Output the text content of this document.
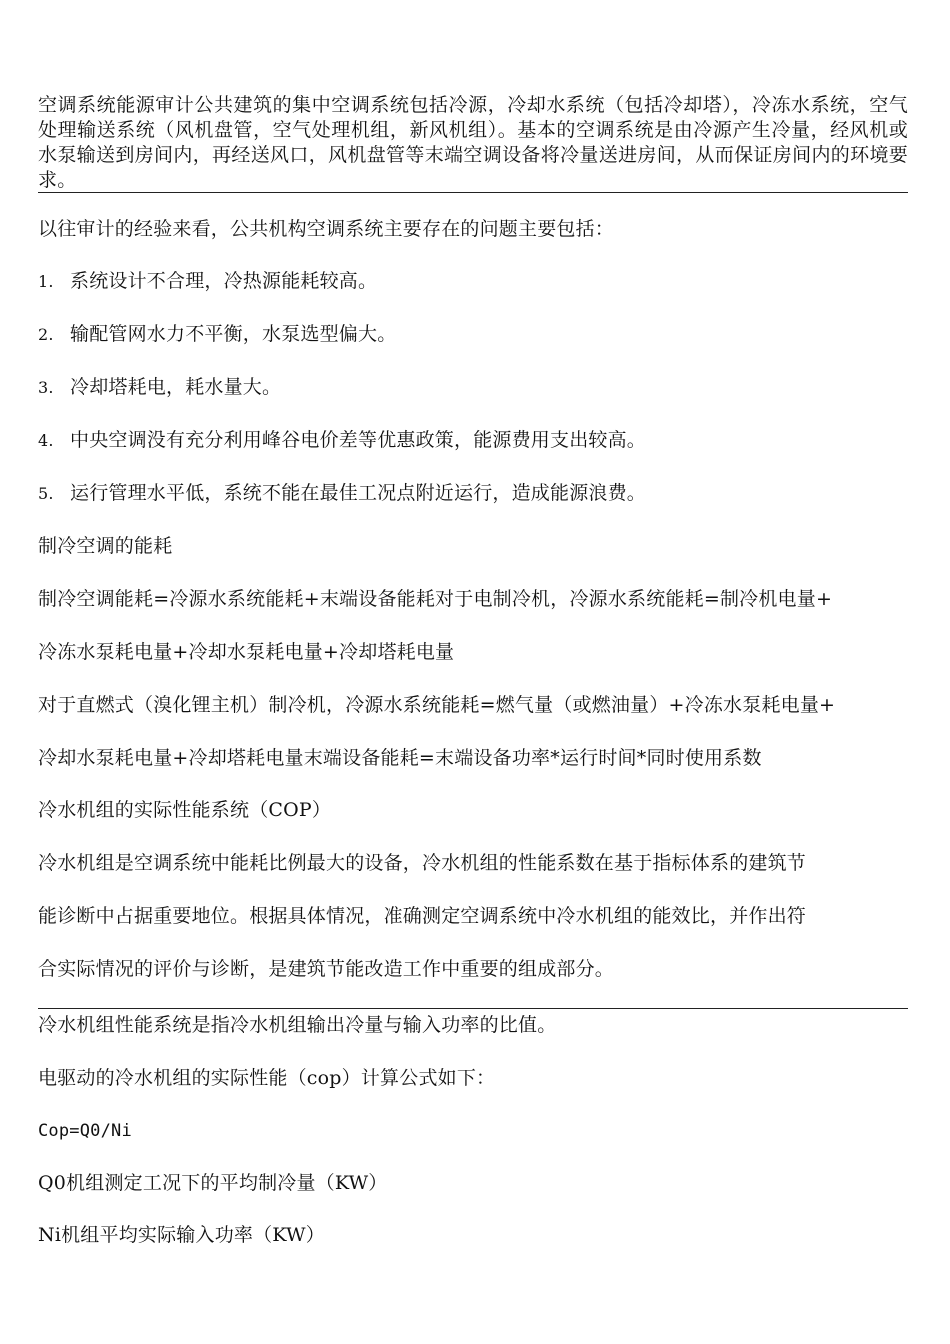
空调系统能源审计公共建筑的集中空调系统包括冷源，冷却水系统（包括冷却塔），冷冻水系统，空气处理输送系统（风机盘管，空气处理机组，新风机组）。基本的空调系统是由冷源产生冷量，经风机或水泵输送到房间内，再经送风口，风机盘管等末端空调设备将冷量送进房间，从而保证房间内的环境要求。
以往审计的经验来看，公共机构空调系统主要存在的问题主要包括：
1. 系统设计不合理，冷热源能耗较高。
2. 输配管网水力不平衡，水泵选型偏大。
3. 冷却塔耗电，耗水量大。
4. 中央空调没有充分利用峰谷电价差等优惠政策，能源费用支出较高。
5. 运行管理水平低，系统不能在最佳工况点附近运行，造成能源浪费。
制冷空调的能耗
制冷空调能耗=冷源水系统能耗+末端设备能耗对于电制冷机，冷源水系统能耗=制冷机电量+
冷冻水泵耗电量+冷却水泵耗电量+冷却塔耗电量
对于直燃式（溴化锂主机）制冷机，冷源水系统能耗=燃气量（或燃油量）+冷冻水泵耗电量+
冷却水泵耗电量+冷却塔耗电量末端设备能耗=末端设备功率*运行时间*同时使用系数
冷水机组的实际性能系统（COP）
冷水机组是空调系统中能耗比例最大的设备，冷水机组的性能系数在基于指标体系的建筑节
能诊断中占据重要地位。根据具体情况，准确测定空调系统中冷水机组的能效比，并作出符
合实际情况的评价与诊断，是建筑节能改造工作中重要的组成部分。
冷水机组性能系统是指冷水机组输出冷量与输入功率的比值。
电驱动的冷水机组的实际性能（cop）计算公式如下：
Cop=Q0/Ni
Q0机组测定工况下的平均制冷量（KW）
Ni机组平均实际输入功率（KW）
